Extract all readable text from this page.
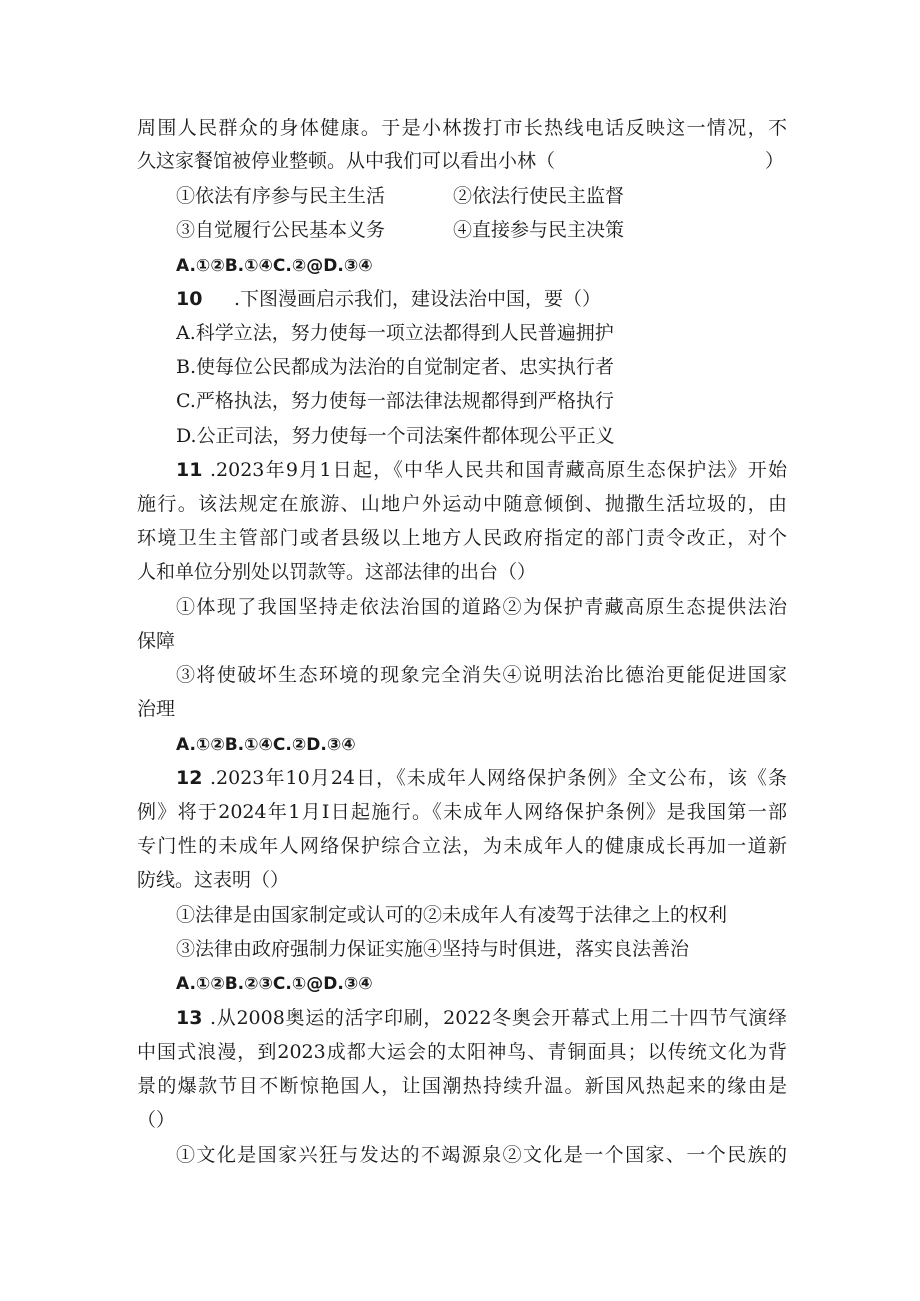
周围人民群众的身体健康。于是小林拨打市长热线电话反映这一情况，不
久这家餐馆被停业整顿。从中我们可以看出小林（	）
①依法有序参与民主生活	②依法行使民主监督
③自觉履行公民基本义务	④直接参与民主决策
A.①②B.①④C.②@D.③④
10 .下图漫画启示我们，建设法治中国，要（）
A.科学立法，努力使每一项立法都得到人民普遍拥护
B.使每位公民都成为法治的自觉制定者、忠实执行者
C.严格执法，努力使每一部法律法规都得到严格执行
D.公正司法，努力使每一个司法案件都体现公平正义
11 .2023年9月1日起，《中华人民共和国青藏高原生态保护法》开始
施行。该法规定在旅游、山地户外运动中随意倾倒、抛撒生活垃圾的，由
环境卫生主管部门或者县级以上地方人民政府指定的部门责令改正，对个
人和单位分别处以罚款等。这部法律的出台（）
①体现了我国坚持走依法治国的道路②为保护青藏高原生态提供法治
保障
③将使破坏生态环境的现象完全消失④说明法治比德治更能促进国家
治理
A.①②B.①④C.②D.③④
12 .2023年10月24日，《未成年人网络保护条例》全文公布，该《条
例》将于2024年1月I日起施行。《未成年人网络保护条例》是我国第一部
专门性的未成年人网络保护综合立法，为未成年人的健康成长再加一道新
防线。这表明（）
①法律是由国家制定或认可的②未成年人有凌驾于法律之上的权利
③法律由政府强制力保证实施④坚持与时俱进，落实良法善治
A.①②B.②③C.①@D.③④
13 .从2008奥运的活字印刷，2022冬奥会开幕式上用二十四节气演绎
中国式浪漫，到2023成都大运会的太阳神鸟、青铜面具；以传统文化为背
景的爆款节目不断惊艳国人，让国潮热持续升温。新国风热起来的缘由是
（）
①文化是国家兴狂与发达的不竭源泉②文化是一个国家、一个民族的
